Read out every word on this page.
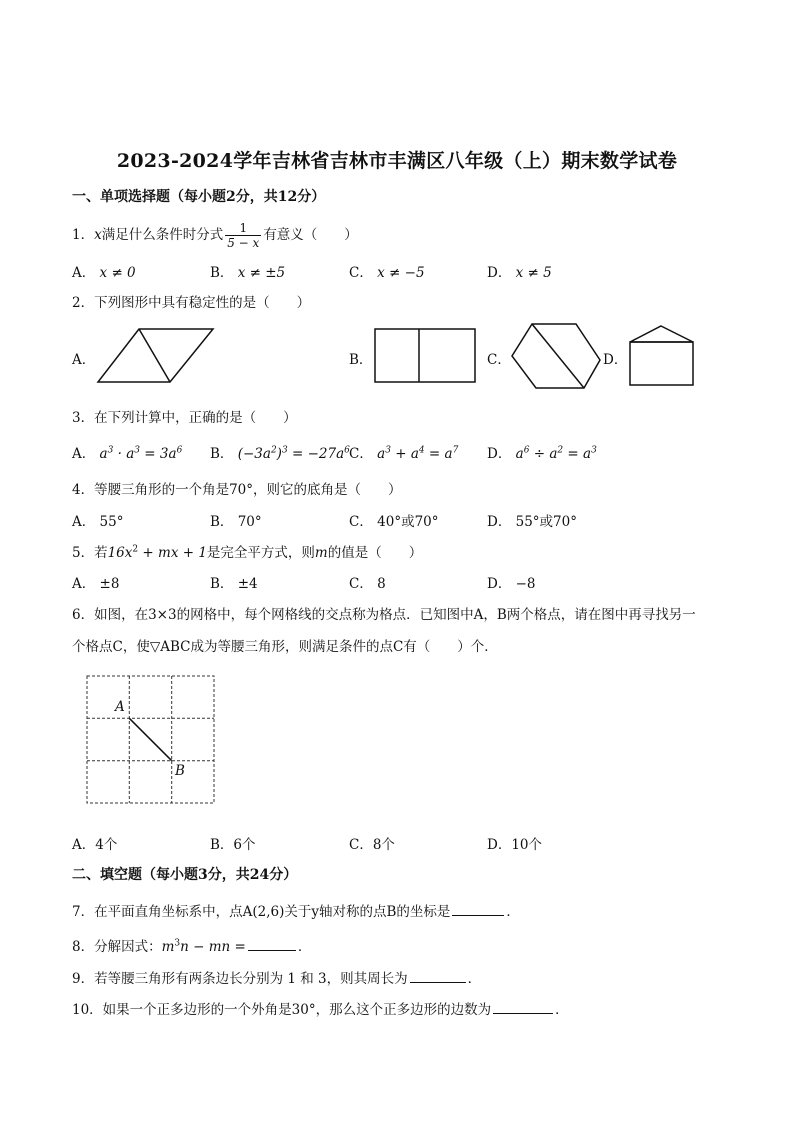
2023-2024学年吉林省吉林市丰满区八年级（上）期末数学试卷
一、单项选择题（每小题2分，共12分）
1．x满足什么条件时分式 $\frac{1}{5 - x}$ 有意义（　　）
A． x ≠ 0	B． x ≠ ±5	C． x ≠ −5	D． x ≠ 5
2．下列图形中具有稳定性的是（　　）
A．	B．	C．	D．
3．在下列计算中，正确的是（　　）
A． $a^3 \cdot a^3 = 3a^6$ B． $(-3a^2)^3 = -27a^6$ C． $a^3 + a^4 = a^7$ D． $a^6 \div a^2 = a^3$
4．等腰三角形的一个角是70°，则它的底角是（　　）
A． 55°	B． 70°	C． 40°或70°	D． 55°或70°
5．若$16x^2$ + mx + 1是完全平方式，则m的值是（　　）
A． ±8	B． ±4	C． 8	D． −8
6．如图，在3×3的网格中，每个网格线的交点称为格点．已知图中A，B两个格点，请在图中再寻找另一
个格点C，使▽ABC成为等腰三角形，则满足条件的点C有（　　）个．
A
B
A．4个	B．6个	C．8个	D．10个
二、填空题（每小题3分，共24分）
7．在平面直角坐标系中，点A(2,6)关于y轴对称的点B的坐标是	．
8．分解因式：$m^3n$ − mn =	．
9．若等腰三角形有两条边长分别为 1 和 3，则其周长为	．
10．如果一个正多边形的一个外角是30°，那么这个正多边形的边数为	．
